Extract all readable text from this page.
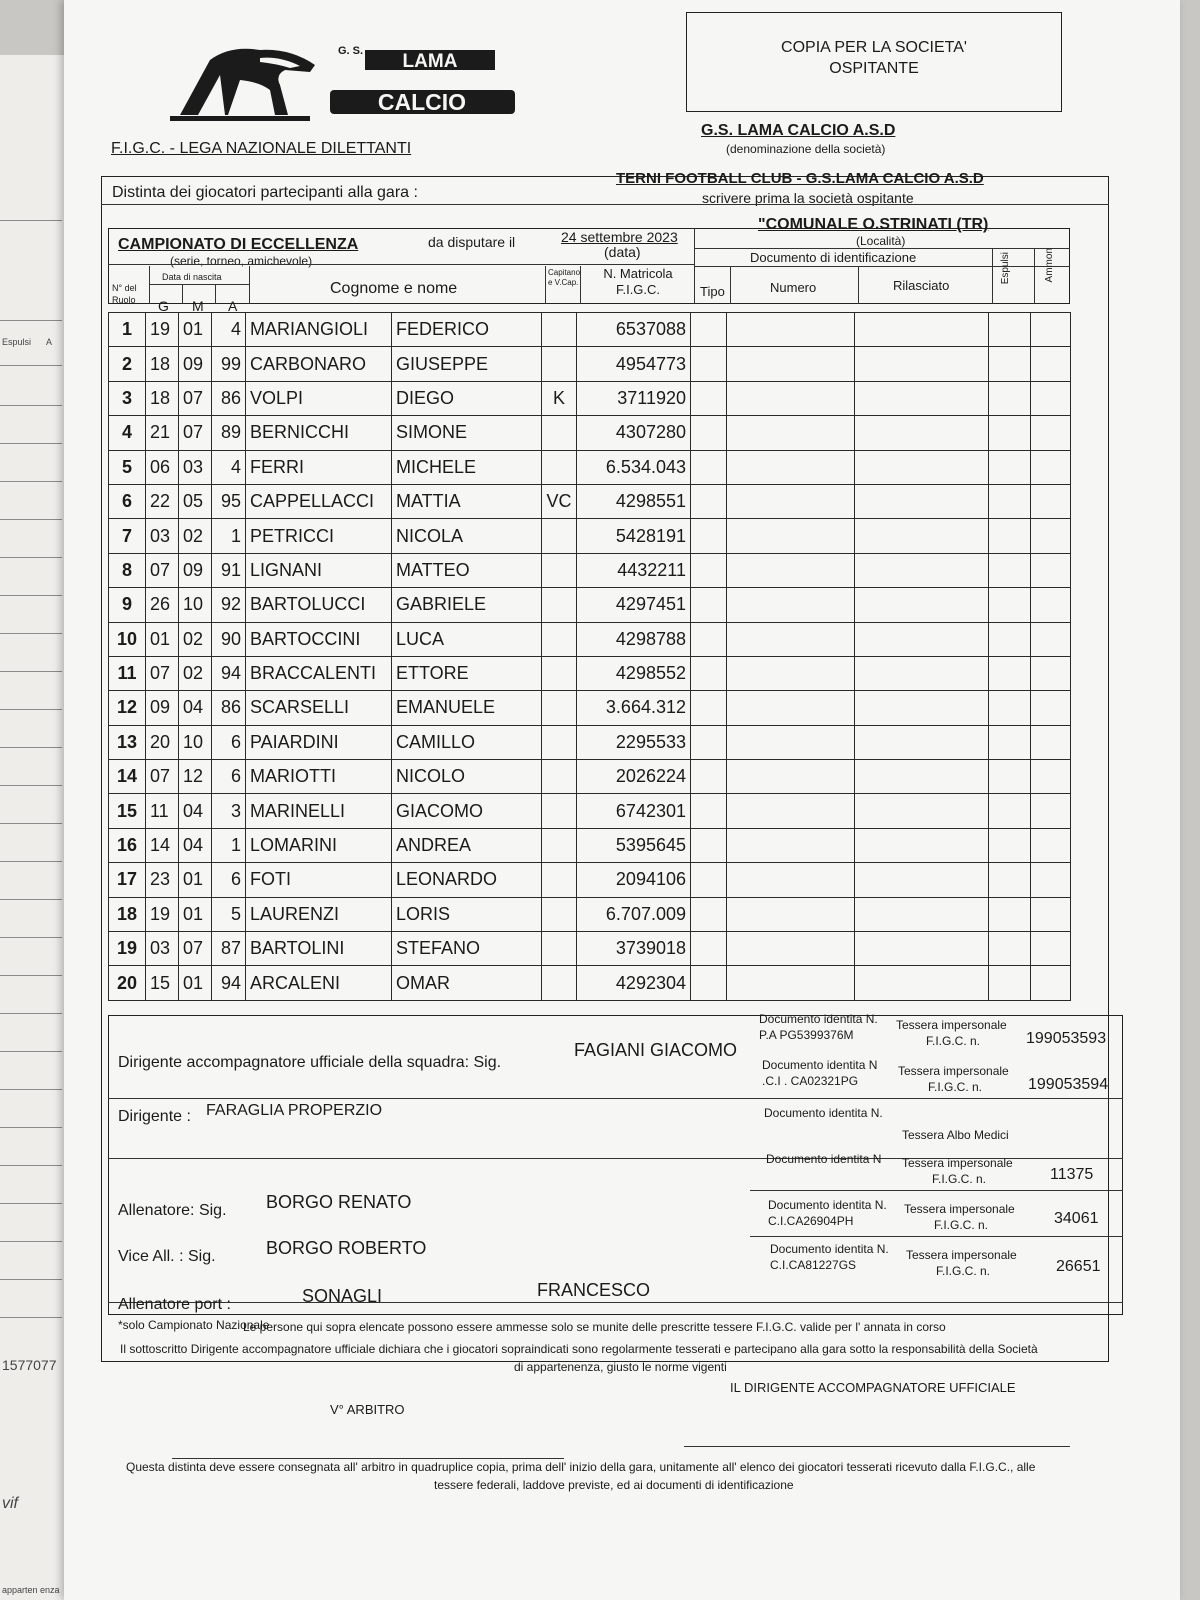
Espulsi A
1577077
vif
apparten enza
G. S. LAMA
CALCIO
COPIA PER LA SOCIETA'
OSPITANTE
F.I.G.C. - LEGA NAZIONALE DILETTANTI
G.S. LAMA CALCIO A.S.D
(denominazione della società)
Distinta dei giocatori partecipanti alla gara :
TERNI FOOTBALL CLUB - G.S.LAMA CALCIO A.S.D
scrivere prima la società ospitante
CAMPIONATO DI ECCELLENZA
(serie, torneo, amichevole)
da disputare il	24 settembre 2023
(data)
"COMUNALE O.STRINATI (TR)
(Località)
Documento di identificazione
N° del Ruolo
Data di nascita
G M A
Cognome e nome
Capitano e V.Cap.
N. Matricola F.I.G.C.	Tipo	Numero	Rilasciato
Espulsi	Ammon
1	19	01	4	MARIANGIOLI	FEDERICO		6537088					
2	18	09	99	CARBONARO	GIUSEPPE		4954773					
3	18	07	86	VOLPI	DIEGO	K	3711920					
4	21	07	89	BERNICCHI	SIMONE		4307280					
5	06	03	4	FERRI	MICHELE		6.534.043					
6	22	05	95	CAPPELLACCI	MATTIA	VC	4298551					
7	03	02	1	PETRICCI	NICOLA		5428191					
8	07	09	91	LIGNANI	MATTEO		4432211					
9	26	10	92	BARTOLUCCI	GABRIELE		4297451					
10	01	02	90	BARTOCCINI	LUCA		4298788					
11	07	02	94	BRACCALENTI	ETTORE		4298552					
12	09	04	86	SCARSELLI	EMANUELE		3.664.312					
13	20	10	6	PAIARDINI	CAMILLO		2295533					
14	07	12	6	MARIOTTI	NICOLO		2026224					
15	11	04	3	MARINELLI	GIACOMO		6742301					
16	14	04	1	LOMARINI	ANDREA		5395645					
17	23	01	6	FOTI	LEONARDO		2094106					
18	19	01	5	LAURENZI	LORIS		6.707.009					
19	03	07	87	BARTOLINI	STEFANO		3739018					
20	15	01	94	ARCALENI	OMAR		4292304					
Dirigente accompagnatore ufficiale della squadra: Sig.
FAGIANI GIACOMO
Documento identita N.
P.A PG5399376M
Tessera impersonale
F.I.G.C. n.	199053593
Documento identita N
.C.I . CA02321PG
Tessera impersonale
F.I.G.C. n.	199053594
Dirigente : FARAGLIA PROPERZIO	Documento identita N.
Tessera Albo Medici
Documento identita N Tessera impersonale
F.I.G.C. n.	11375
Allenatore: Sig. BORGO RENATO	Documento identita N.
C.I.CA26904PH
Tessera impersonale
F.I.G.C. n.	34061
Vice All. : Sig.	BORGO ROBERTO	Documento identita N.
C.I.CA81227GS
Tessera impersonale
F.I.G.C. n.	26651
Allenatore port :	SONAGLI	FRANCESCO
*solo Campionato Nazionale
Le persone qui sopra elencate possono essere ammesse solo se munite delle prescritte tessere F.I.G.C. valide per l' annata in corso
Il sottoscritto Dirigente accompagnatore ufficiale dichiara che i giocatori sopraindicati sono regolarmente tesserati e partecipano alla gara sotto la responsabilità della Società
di appartenenza, giusto le norme vigenti
V° ARBITRO
IL DIRIGENTE ACCOMPAGNATORE UFFICIALE
Questa distinta deve essere consegnata all' arbitro in quadruplice copia, prima dell' inizio della gara, unitamente all' elenco dei giocatori tesserati ricevuto dalla F.I.G.C., alle
tessere federali, laddove previste, ed ai documenti di identificazione
